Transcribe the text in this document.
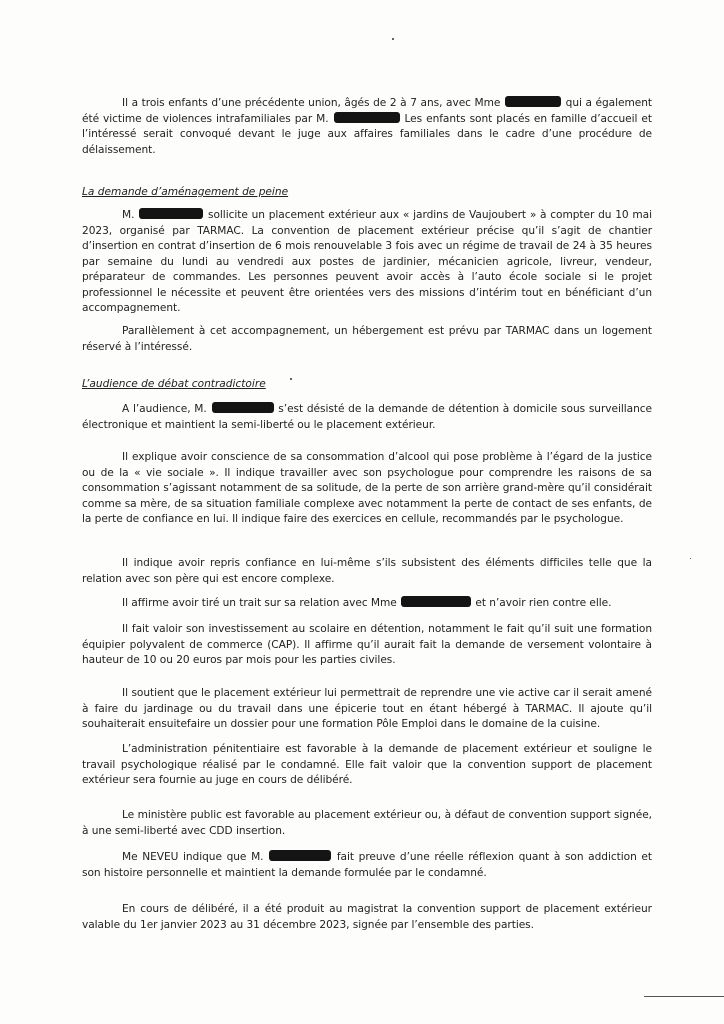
Il a trois enfants d’une précédente union, âgés de 2 à 7 ans, avec Mme	qui a également été victime de violences intrafamiliales par M.	Les enfants sont placés en famille d’accueil et l’intéressé serait convoqué devant le juge aux affaires familiales dans le cadre d’une procédure de délaissement.
La demande d’aménagement de peine
M.	sollicite un placement extérieur aux « jardins de Vaujoubert » à compter du 10 mai 2023, organisé par TARMAC. La convention de placement extérieur précise qu’il s’agit de chantier d’insertion en contrat d’insertion de 6 mois renouvelable 3 fois avec un régime de travail de 24 à 35 heures par semaine du lundi au vendredi aux postes de jardinier, mécanicien agricole, livreur, vendeur, préparateur de commandes. Les personnes peuvent avoir accès à l’auto école sociale si le projet professionnel le nécessite et peuvent être orientées vers des missions d’intérim tout en bénéficiant d’un accompagnement.
Parallèlement à cet accompagnement, un hébergement est prévu par TARMAC dans un logement réservé à l’intéressé.
L’audience de débat contradictoire
A l’audience, M.	s’est désisté de la demande de détention à domicile sous surveillance électronique et maintient la semi-liberté ou le placement extérieur.
Il explique avoir conscience de sa consommation d’alcool qui pose problème à l’égard de la justice ou de la « vie sociale ». Il indique travailler avec son psychologue pour comprendre les raisons de sa consommation s’agissant notamment de sa solitude, de la perte de son arrière grand-mère qu’il considérait comme sa mère, de sa situation familiale complexe avec notamment la perte de contact de ses enfants, de la perte de confiance en lui. Il indique faire des exercices en cellule, recommandés par le psychologue.
Il indique avoir repris confiance en lui-même s’ils subsistent des éléments difficiles telle que la relation avec son père qui est encore complexe.
Il affirme avoir tiré un trait sur sa relation avec Mme	et n’avoir rien contre elle.
Il fait valoir son investissement au scolaire en détention, notamment le fait qu’il suit une formation équipier polyvalent de commerce (CAP). Il affirme qu’il aurait fait la demande de versement volontaire à hauteur de 10 ou 20 euros par mois pour les parties civiles.
Il soutient que le placement extérieur lui permettrait de reprendre une vie active car il serait amené à faire du jardinage ou du travail dans une épicerie tout en étant hébergé à TARMAC. Il ajoute qu’il souhaiterait ensuitefaire un dossier pour une formation Pôle Emploi dans le domaine de la cuisine.
L’administration pénitentiaire est favorable à la demande de placement extérieur et souligne le travail psychologique réalisé par le condamné. Elle fait valoir que la convention support de placement extérieur sera fournie au juge en cours de délibéré.
Le ministère public est favorable au placement extérieur ou, à défaut de convention support signée, à une semi-liberté avec CDD insertion.
Me NEVEU indique que M.	fait preuve d’une réelle réflexion quant à son addiction et son histoire personnelle et maintient la demande formulée par le condamné.
En cours de délibéré, il a été produit au magistrat la convention support de placement extérieur valable du 1er janvier 2023 au 31 décembre 2023, signée par l’ensemble des parties.
